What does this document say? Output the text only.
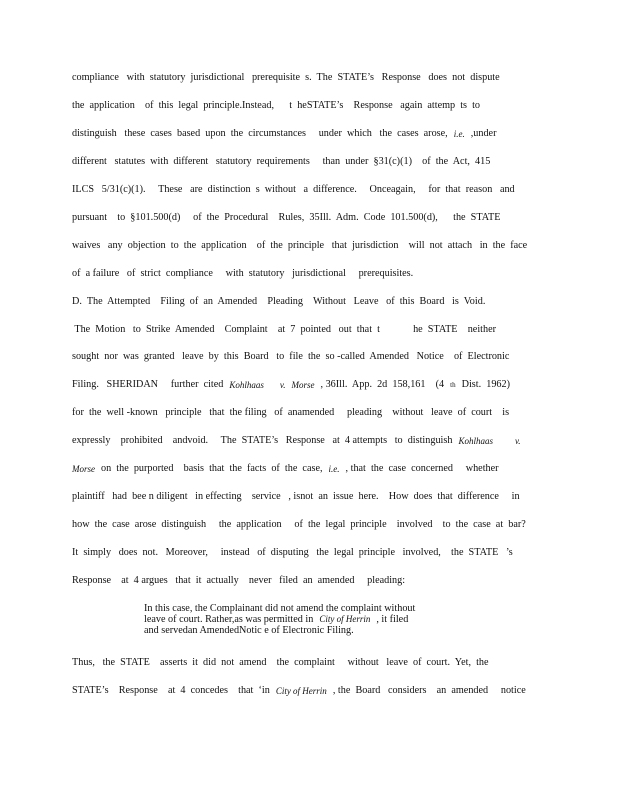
compliance   with  statutory  jurisdictional   prerequisite  s.  The  STATE’s   Response   does  not  dispute
the  application    of  this  legal  principle.Instead,      t  heSTATE’s    Response   again  attemp  ts  to
distinguish   these  cases  based  upon  the  circumstances     under  which   the  cases  arose, i.e. ,under
different   statutes  with  different   statutory  requirements     than  under  §31(c)(1)    of  the  Act,  415
ILCS   5/31(c)(1).     These   are  distinction  s  without   a  difference.     Onceagain,     for  that  reason   and
pursuant    to  §101.500(d)     of  the  Procedural    Rules,  35Ill.  Adm.  Code  101.500(d),      the  STATE
waives   any  objection  to  the  application    of  the  principle   that  jurisdiction    will  not  attach   in  the  face
of  a failure   of  strict  compliance     with  statutory   jurisdictional     prerequisites.
D.  The  Attempted    Filing  of  an  Amended    Pleading    Without   Leave   of  this  Board   is  Void.
The  Motion   to  Strike  Amended    Complaint    at  7  pointed   out  that  t             he  STATE    neither
sought  nor  was  granted   leave  by  this  Board   to  file  the  so -called  Amended   Notice    of  Electronic
Filing.   SHERIDAN     further  cited Kohlhaas v. Morse , 36Ill.  App.  2d  158,161    (4 th Dist.  1962)
for  the  well -known   principle   that  the filing   of  anamended     pleading    without   leave  of  court    is
expressly    prohibited    andvoid.     The  STATE’s   Response   at  4 attempts   to  distinguish Kohlhaas v.
Morse on  the  purported    basis  that  the  facts  of  the  case, i.e. , that  the  case  concerned     whether
plaintiff   had  bee n diligent   in effecting    service   , isnot  an  issue  here.    How  does  that  difference     in
how  the  case  arose  distinguish     the  application     of  the  legal  principle    involved    to  the  case  at  bar?
It  simply   does  not.   Moreover,     instead   of  disputing   the  legal  principle   involved,    the  STATE   ’s
Response    at  4 argues   that  it  actually    never   filed  an  amended     pleading:
In this case, the Complainant did not amend the complaint without
leave of court. Rather,as was permitted in City of Herrin , it filed
and servedan AmendedNotic e of Electronic Filing.
Thus,   the  STATE    asserts  it  did  not  amend    the  complaint     without   leave  of  court.  Yet,  the
STATE’s    Response    at  4  concedes    that  ‘in City of Herrin , the  Board   considers    an  amended     notice
